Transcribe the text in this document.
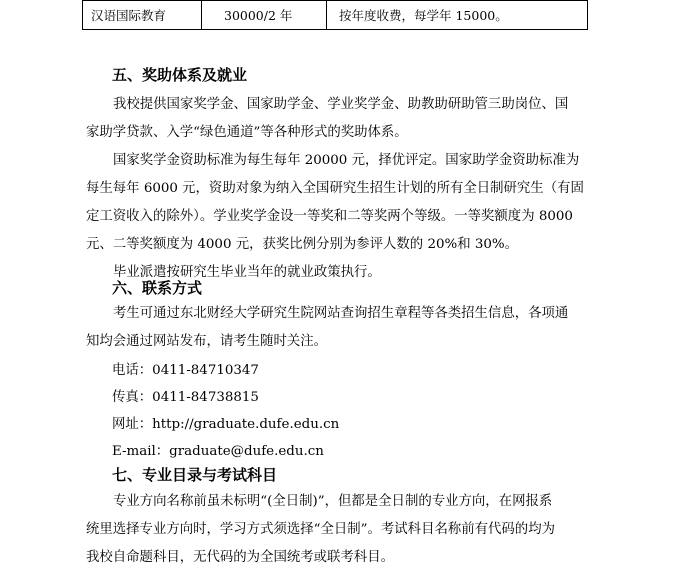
汉语国际教育	30000/2 年	按年度收费，每学年 15000。
五、奖助体系及就业
我校提供国家奖学金、国家助学金、学业奖学金、助教助研助管三助岗位、国
家助学贷款、入学“绿色通道”等各种形式的奖助体系。
国家奖学金资助标准为每生每年 20000 元，择优评定。国家助学金资助标准为
每生每年 6000 元，资助对象为纳入全国研究生招生计划的所有全日制研究生（有固
定工资收入的除外）。学业奖学金设一等奖和二等奖两个等级。一等奖额度为 8000
元、二等奖额度为 4000 元，获奖比例分别为参评人数的 20%和 30%。
毕业派遣按研究生毕业当年的就业政策执行。
六、联系方式
考生可通过东北财经大学研究生院网站查询招生章程等各类招生信息，各项通
知均会通过网站发布，请考生随时关注。
电话：0411-84710347
传真：0411-84738815
网址：http://graduate.dufe.edu.cn
E-mail：graduate@dufe.edu.cn
七、专业目录与考试科目
专业方向名称前虽未标明“(全日制)”，但都是全日制的专业方向，在网报系
统里选择专业方向时，学习方式须选择“全日制”。考试科目名称前有代码的均为
我校自命题科目，无代码的为全国统考或联考科目。
